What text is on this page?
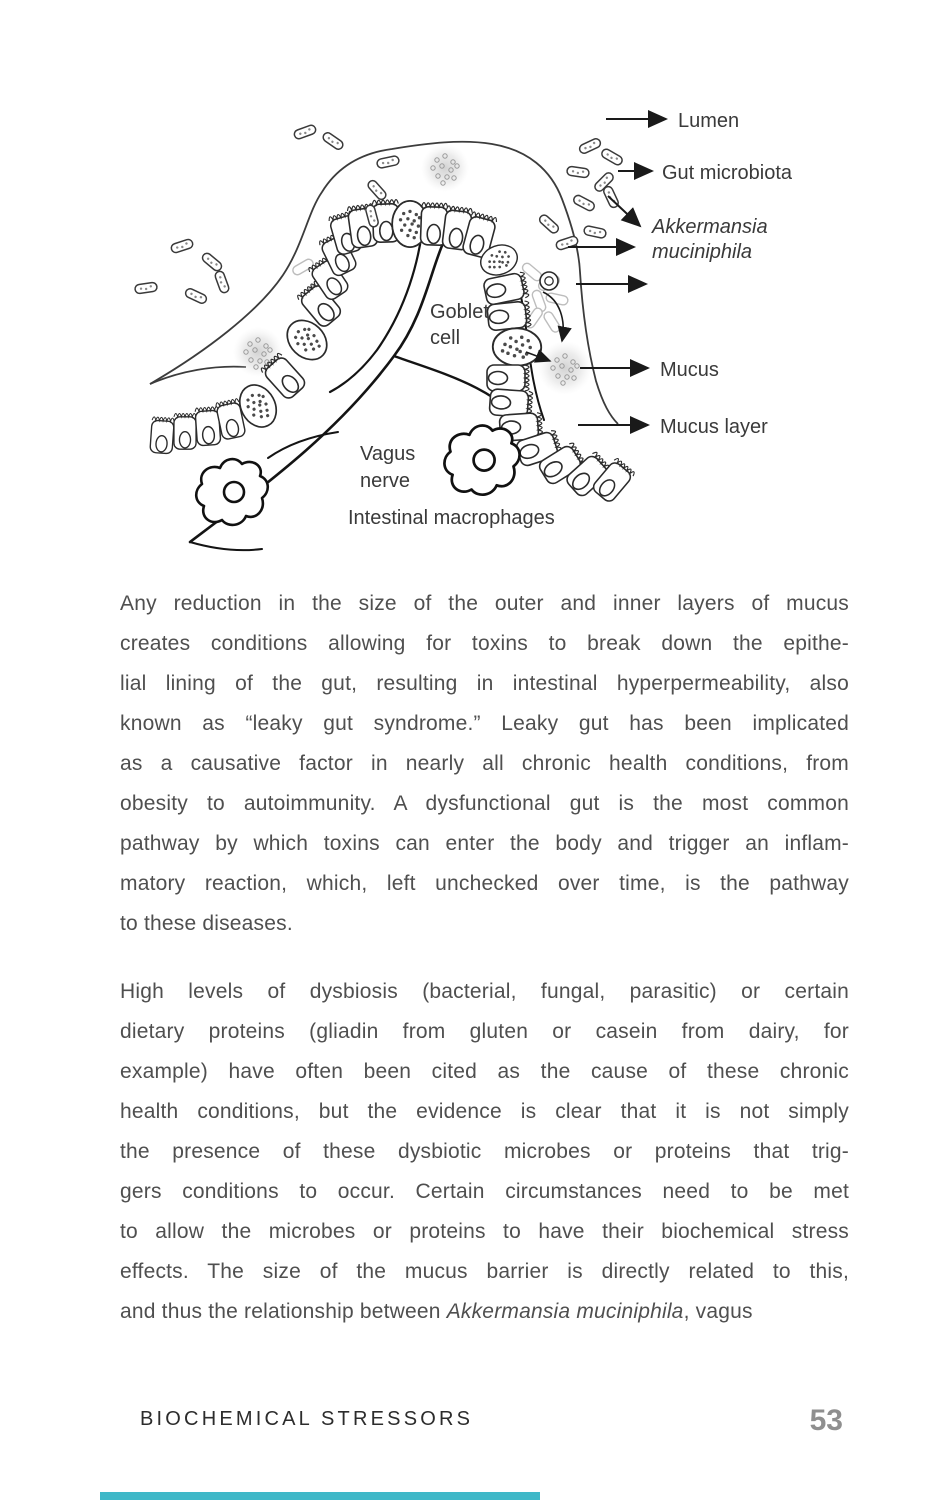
Lumen
Gut microbiota
Akkermansia
muciniphila
Mucus
Mucus layer
Goblet
cell
Vagus
nerve
Intestinal macrophages
Any reduction in the size of the outer and inner layers of mucus
creates conditions allowing for toxins to break down the epithe-
lial lining of the gut, resulting in intestinal hyperpermeability, also
known as “leaky gut syndrome.” Leaky gut has been implicated
as a causative factor in nearly all chronic health conditions, from
obesity to autoimmunity. A dysfunctional gut is the most common
pathway by which toxins can enter the body and trigger an inflam-
matory reaction, which, left unchecked over time, is the pathway
to these diseases.
High levels of dysbiosis (bacterial, fungal, parasitic) or certain
dietary proteins (gliadin from gluten or casein from dairy, for
example) have often been cited as the cause of these chronic
health conditions, but the evidence is clear that it is not simply
the presence of these dysbiotic microbes or proteins that trig-
gers conditions to occur. Certain circumstances need to be met
to allow the microbes or proteins to have their biochemical stress
effects. The size of the mucus barrier is directly related to this,
and thus the relationship between Akkermansia muciniphila, vagus
BIOCHEMICAL STRESSORS	53
